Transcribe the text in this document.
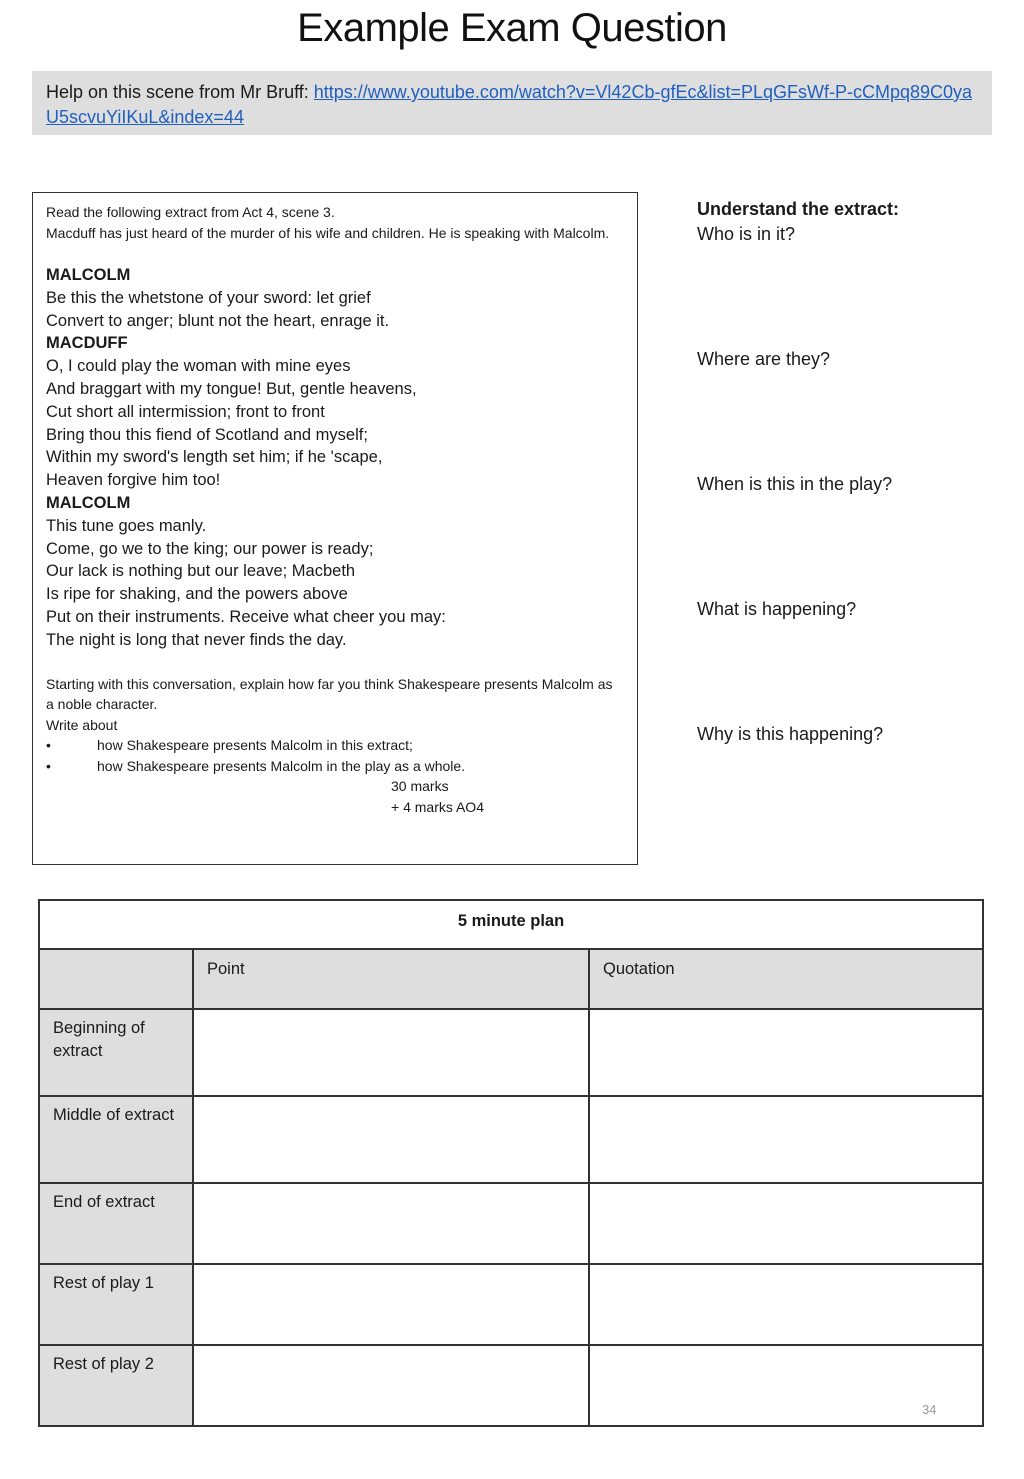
Example Exam Question
Help on this scene from Mr Bruff: https://www.youtube.com/watch?v=Vl42Cb-gfEc&list=PLqGFsWf-P-cCMpq89C0yaU5scvuYiIKuL&index=44
Read the following extract from Act 4, scene 3.
Macduff has just heard of the murder of his wife and children. He is speaking with Malcolm.
MALCOLM
Be this the whetstone of your sword: let grief
Convert to anger; blunt not the heart, enrage it.
MACDUFF
O, I could play the woman with mine eyes
And braggart with my tongue! But, gentle heavens,
Cut short all intermission; front to front
Bring thou this fiend of Scotland and myself;
Within my sword's length set him; if he 'scape,
Heaven forgive him too!
MALCOLM
This tune goes manly.
Come, go we to the king; our power is ready;
Our lack is nothing but our leave; Macbeth
Is ripe for shaking, and the powers above
Put on their instruments. Receive what cheer you may:
The night is long that never finds the day.
Starting with this conversation, explain how far you think Shakespeare presents Malcolm as a noble character.
Write about
•	how Shakespeare presents Malcolm in this extract;
•	how Shakespeare presents Malcolm in the play as a whole.
30 marks
+ 4 marks AO4
Understand the extract:
Who is in it?
Where are they?
When is this in the play?
What is happening?
Why is this happening?
5 minute plan		
	Point	Quotation
Beginning of extract		
Middle of extract		
End of extract		
Rest of play 1		
Rest of play 2		
34
